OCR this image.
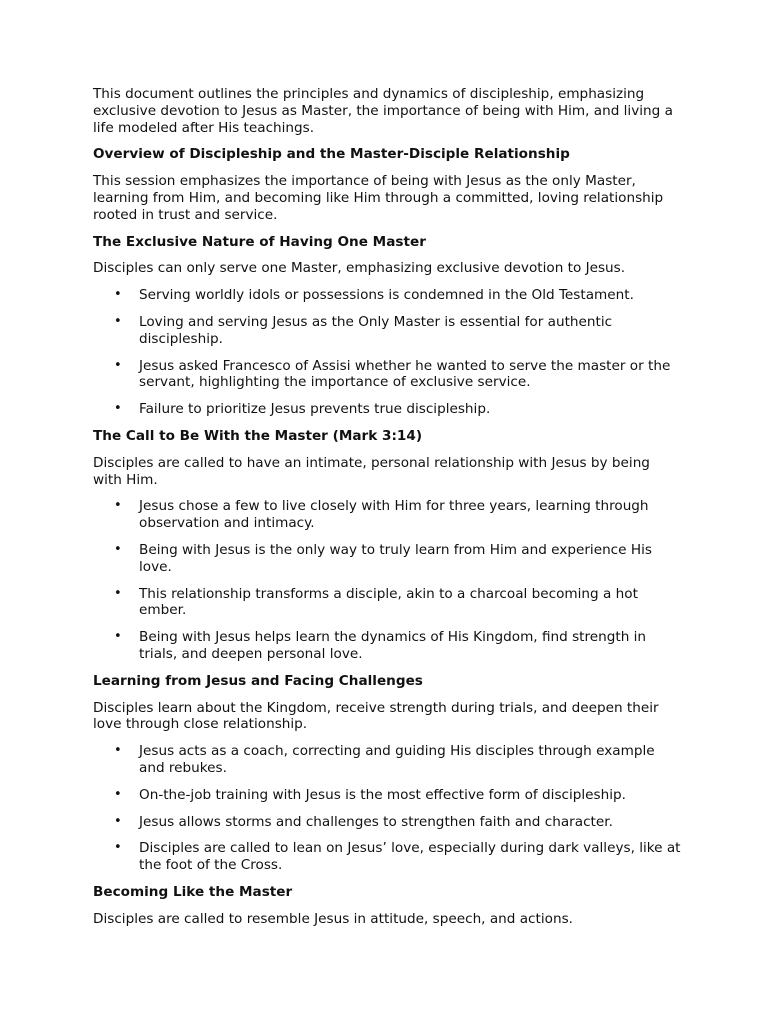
This document outlines the principles and dynamics of discipleship, emphasizing exclusive devotion to Jesus as Master, the importance of being with Him, and living a life modeled after His teachings.

Overview of Discipleship and the Master-Disciple Relationship

This session emphasizes the importance of being with Jesus as the only Master, learning from Him, and becoming like Him through a committed, loving relationship rooted in trust and service.

The Exclusive Nature of Having One Master

Disciples can only serve one Master, emphasizing exclusive devotion to Jesus.

• Serving worldly idols or possessions is condemned in the Old Testament.
• Loving and serving Jesus as the Only Master is essential for authentic discipleship.
• Jesus asked Francesco of Assisi whether he wanted to serve the master or the servant, highlighting the importance of exclusive service.
• Failure to prioritize Jesus prevents true discipleship.

The Call to Be With the Master (Mark 3:14)

Disciples are called to have an intimate, personal relationship with Jesus by being with Him.

• Jesus chose a few to live closely with Him for three years, learning through observation and intimacy.
• Being with Jesus is the only way to truly learn from Him and experience His love.
• This relationship transforms a disciple, akin to a charcoal becoming a hot ember.
• Being with Jesus helps learn the dynamics of His Kingdom, find strength in trials, and deepen personal love.

Learning from Jesus and Facing Challenges

Disciples learn about the Kingdom, receive strength during trials, and deepen their love through close relationship.

• Jesus acts as a coach, correcting and guiding His disciples through example and rebukes.
• On-the-job training with Jesus is the most effective form of discipleship.
• Jesus allows storms and challenges to strengthen faith and character.
• Disciples are called to lean on Jesus’ love, especially during dark valleys, like at the foot of the Cross.

Becoming Like the Master

Disciples are called to resemble Jesus in attitude, speech, and actions.
